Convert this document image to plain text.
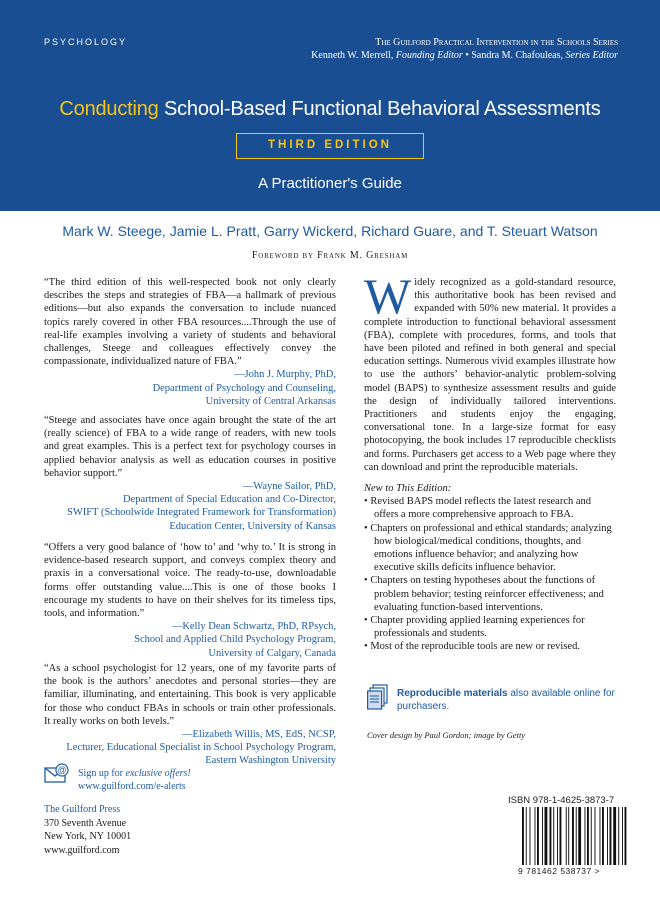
PSYCHOLOGY	The Guilford Practical Intervention in the Schools Series
Kenneth W. Merrell, Founding Editor • Sandra M. Chafouleas, Series Editor
Conducting School-Based Functional Behavioral Assessments
THIRD EDITION
A Practitioner's Guide
Mark W. Steege, Jamie L. Pratt, Garry Wickerd, Richard Guare, and T. Steuart Watson
Foreword by Frank M. Gresham
“The third edition of this well-respected book not only clearly describes the steps and strategies of FBA—a hallmark of previous editions—but also expands the conversation to include nuanced topics rarely covered in other FBA resources....Through the use of real-life examples involving a variety of students and behavioral challenges, Steege and colleagues effectively convey the compassionate, individualized nature of FBA.”
—John J. Murphy, PhD,
Department of Psychology and Counseling,
University of Central Arkansas
“Steege and associates have once again brought the state of the art (really science) of FBA to a wide range of readers, with new tools and great examples. This is a perfect text for psychology courses in applied behavior analysis as well as education courses in positive behavior support.”
—Wayne Sailor, PhD,
Department of Special Education and Co-Director,
SWIFT (Schoolwide Integrated Framework for Transformation)
Education Center, University of Kansas
“Offers a very good balance of ‘how to’ and ‘why to.’ It is strong in evidence-based research support, and conveys complex theory and praxis in a conversational voice. The ready-to-use, downloadable forms offer outstanding value....This is one of those books I encourage my students to have on their shelves for its timeless tips, tools, and information.”
—Kelly Dean Schwartz, PhD, RPsych,
School and Applied Child Psychology Program,
University of Calgary, Canada
“As a school psychologist for 12 years, one of my favorite parts of the book is the authors’ anecdotes and personal stories—they are familiar, illuminating, and entertaining. This book is very applicable for those who conduct FBAs in schools or train other professionals. It really works on both levels.”
—Elizabeth Willis, MS, EdS, NCSP,
Lecturer, Educational Specialist in School Psychology Program,
Eastern Washington University
Widely recognized as a gold-standard resource, this authoritative book has been revised and expanded with 50% new material. It provides a complete introduction to functional behavioral assessment (FBA), complete with procedures, forms, and tools that have been piloted and refined in both general and special education settings. Numerous vivid examples illustrate how to use the authors’ behavior-analytic problem-solving model (BAPS) to synthesize assessment results and guide the design of individually tailored interventions. Practitioners and students enjoy the engaging, conversational tone. In a large-size format for easy photocopying, the book includes 17 reproducible checklists and forms. Purchasers get access to a Web page where they can download and print the reproducible materials.
New to This Edition:
• Revised BAPS model reflects the latest research and offers a more comprehensive approach to FBA.
• Chapters on professional and ethical standards; analyzing how biological/medical conditions, thoughts, and emotions influence behavior; and analyzing how executive skills deficits influence behavior.
• Chapters on testing hypotheses about the functions of problem behavior; testing reinforcer effectiveness; and evaluating function-based interventions.
• Chapter providing applied learning experiences for professionals and students.
• Most of the reproducible tools are new or revised.
Reproducible materials also available online for purchasers.
Cover design by Paul Gordon; image by Getty
@ Sign up for exclusive offers!
www.guilford.com/e-alerts
The Guilford Press
370 Seventh Avenue
New York, NY 10001
www.guilford.com
ISBN 978-1-4625-3873-7
9 781462 538737 >
